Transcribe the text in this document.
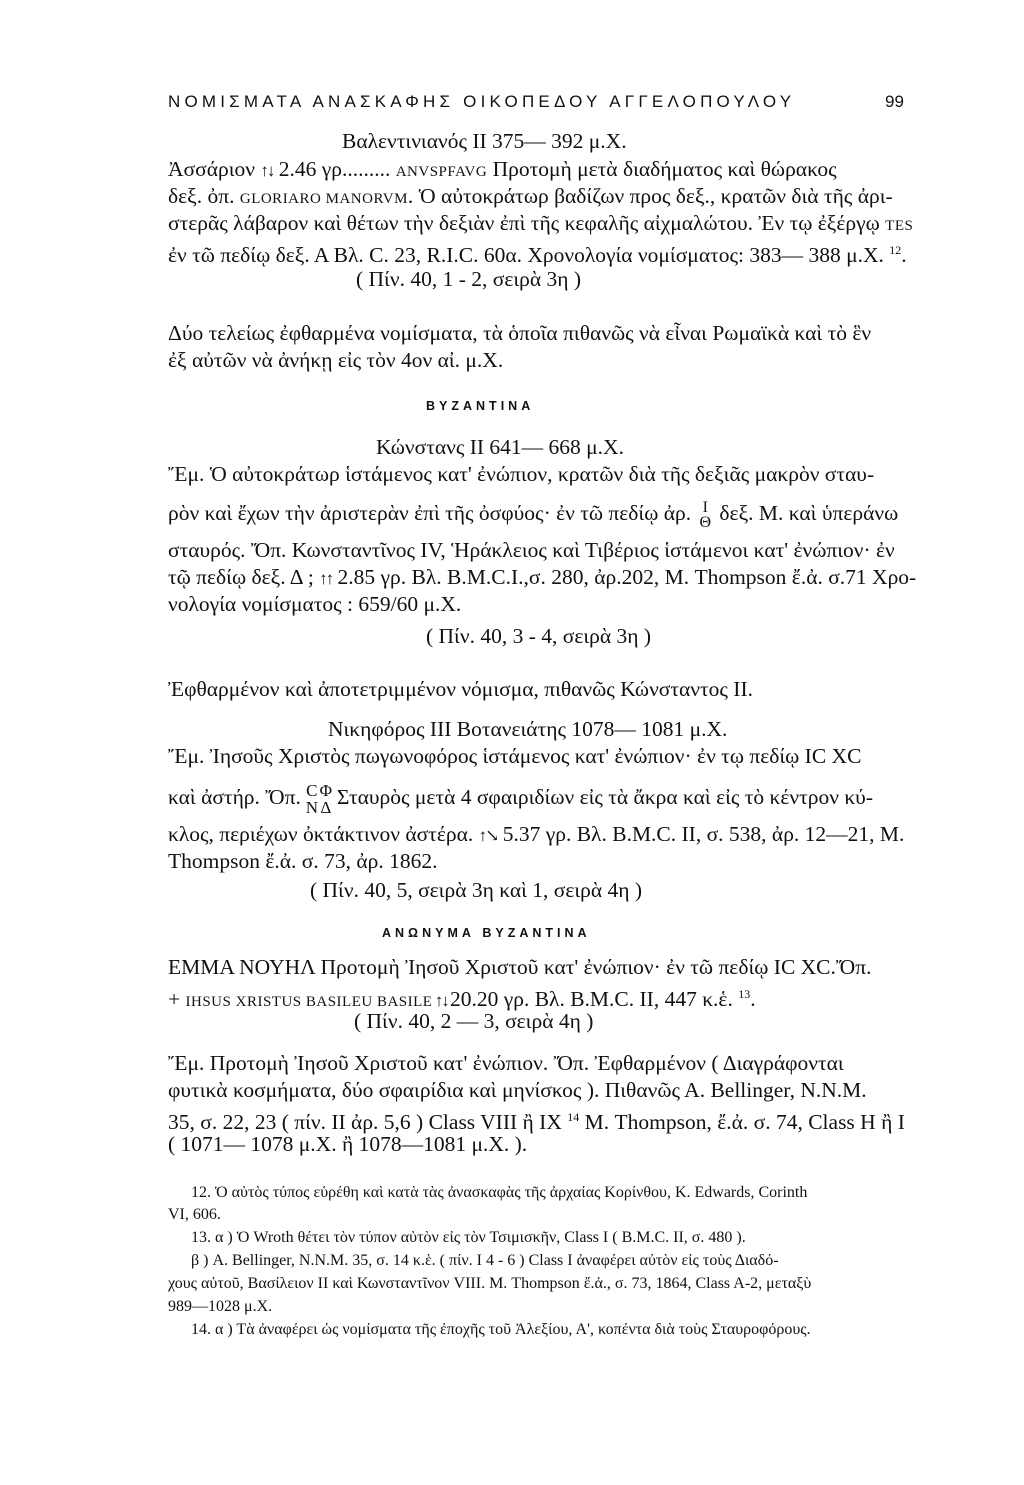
ΝΟΜΙΣΜΑΤΑ ΑΝΑΣΚΑΦΗΣ ΟΙΚΟΠΕΔΟΥ ΑΓΓΕΛΟΠΟΥΛΟΥ	99
Βαλεντινιανός ΙΙ 375— 392 μ.Χ.
Ἀσσάριον ↑↓ 2.46 γρ......... ANVSPFAVG Προτομὴ μετὰ διαδήματος καὶ θώρακος
δεξ. ὀπ. GLORIARO MANORVM. Ὁ αὐτοκράτωρ βαδίζων προς δεξ., κρατῶν διὰ τῆς ἀρι-
στερᾶς λάβαρον καὶ θέτων τὴν δεξιὰν ἐπὶ τῆς κεφαλῆς αἰχμαλώτου. Ἐν τῳ ἐξέργῳ TES
ἐν τῶ πεδίῳ δεξ. Α Βλ. C. 23, R.I.C. 60α. Χρονολογία νομίσματος: 383— 388 μ.Χ. $^{12}$.
( Πίν. 40, 1 - 2, σειρὰ 3η )
Δύο τελείως ἐφθαρμένα νομίσματα, τὰ ὁποῖα πιθανῶς νὰ εἶναι Ρωμαϊκὰ καὶ τὸ ἓν
ἐξ αὐτῶν νὰ ἀνήκῃ εἰς τὸν 4ον αἰ. μ.Χ.
ΒΥΖΑΝΤΙΝΑ
Κώνστανς ΙΙ 641— 668 μ.Χ.
Ἔμ. Ὁ αὐτοκράτωρ ἱστάμενος κατ' ἐνώπιον, κρατῶν διὰ τῆς δεξιᾶς μακρὸν σταυ-
ρὸν καὶ ἔχων τὴν ἀριστερὰν ἐπὶ τῆς ὀσφύος· ἐν τῶ πεδίῳ ἀρ. Ι
Θ δεξ. Μ. καὶ ὑπεράνω
σταυρός. Ὄπ. Κωνσταντῖνος IV, Ἡράκλειος καὶ Τιβέριος ἱστάμενοι κατ' ἐνώπιον· ἐν
τῷ πεδίῳ δεξ. Δ ; ↑↑ 2.85 γρ. Βλ. Β.Μ.C.I.,σ. 280, ἀρ.202, Μ. Thompson ἔ.ἀ. σ.71 Χρο-
νολογία νομίσματος : 659/60 μ.Χ.
( Πίν. 40, 3 - 4, σειρὰ 3η )
Ἐφθαρμένον καὶ ἀποτετριμμένον νόμισμα, πιθανῶς Κώνσταντος ΙΙ.
Νικηφόρος ΙΙΙ Βοτανειάτης 1078— 1081 μ.Χ.
Ἔμ. Ἰησοῦς Χριστὸς πωγωνοφόρος ἱστάμενος κατ' ἐνώπιον· ἐν τῳ πεδίῳ IC XC
καὶ ἀστήρ. Ὄπ. C Φ
Ν Δ Σταυρὸς μετὰ 4 σφαιριδίων εἰς τὰ ἄκρα καὶ εἰς τὸ κέντρον κύ-
κλος, περιέχων ὀκτάκτινον ἀστέρα. ↑↘ 5.37 γρ. Βλ. Β.Μ.C. II, σ. 538, ἀρ. 12—21, Μ.
Thompson ἔ.ἀ. σ. 73, ἀρ. 1862.
( Πίν. 40, 5, σειρὰ 3η καὶ 1, σειρὰ 4η )
ΑΝΩΝΥΜΑ ΒΥΖΑΝΤΙΝΑ
ΕΜΜΑ ΝΟΥΗΛ Προτομὴ Ἰησοῦ Χριστοῦ κατ' ἐνώπιον· ἐν τῶ πεδίῳ IC XC.Ὄπ.
+ IHSUS XRISTUS BASILEU BASILE ↑↓ 20.20 γρ. Βλ. Β.Μ.C. II, 447 κ.ἑ. $^{13}$.
( Πίν. 40, 2 — 3, σειρὰ 4η )
Ἔμ. Προτομὴ Ἰησοῦ Χριστοῦ κατ' ἐνώπιον. Ὄπ. Ἐφθαρμένον ( Διαγράφονται
φυτικὰ κοσμήματα, δύο σφαιρίδια καὶ μηνίσκος ). Πιθανῶς Α. Bellinger, N.N.M.
35, σ. 22, 23 ( πίν. II ἀρ. 5,6 ) Class VIII ἢ IX $^{14}$ Μ. Thompson, ἔ.ἀ. σ. 74, Class H ἢ I
( 1071— 1078 μ.Χ. ἢ 1078—1081 μ.Χ. ).
12. Ὁ αὐτὸς τύπος εὑρέθη καὶ κατὰ τὰς ἀνασκαφὰς τῆς ἀρχαίας Κορίνθου, K. Edwards, Corinth
VI, 606.
13. α ) Ὁ Wroth θέτει τὸν τύπον αὐτὸν εἰς τὸν Τσιμισκῆν, Class I ( B.M.C. II, σ. 480 ).
β ) A. Bellinger, N.N.M. 35, σ. 14 κ.ἑ. ( πίν. I 4 - 6 ) Class I ἀναφέρει αὐτὸν εἰς τοὺς Διαδό-
χους αὐτοῦ, Βασίλειον II καὶ Κωνσταντῖνον VIII. Μ. Thompson ἔ.ἀ., σ. 73, 1864, Class A-2, μεταξὺ
989—1028 μ.Χ.
14. α ) Τὰ ἀναφέρει ὡς νομίσματα τῆς ἐποχῆς τοῦ Ἀλεξίου, Α', κοπέντα διὰ τοὺς Σταυροφόρους.
